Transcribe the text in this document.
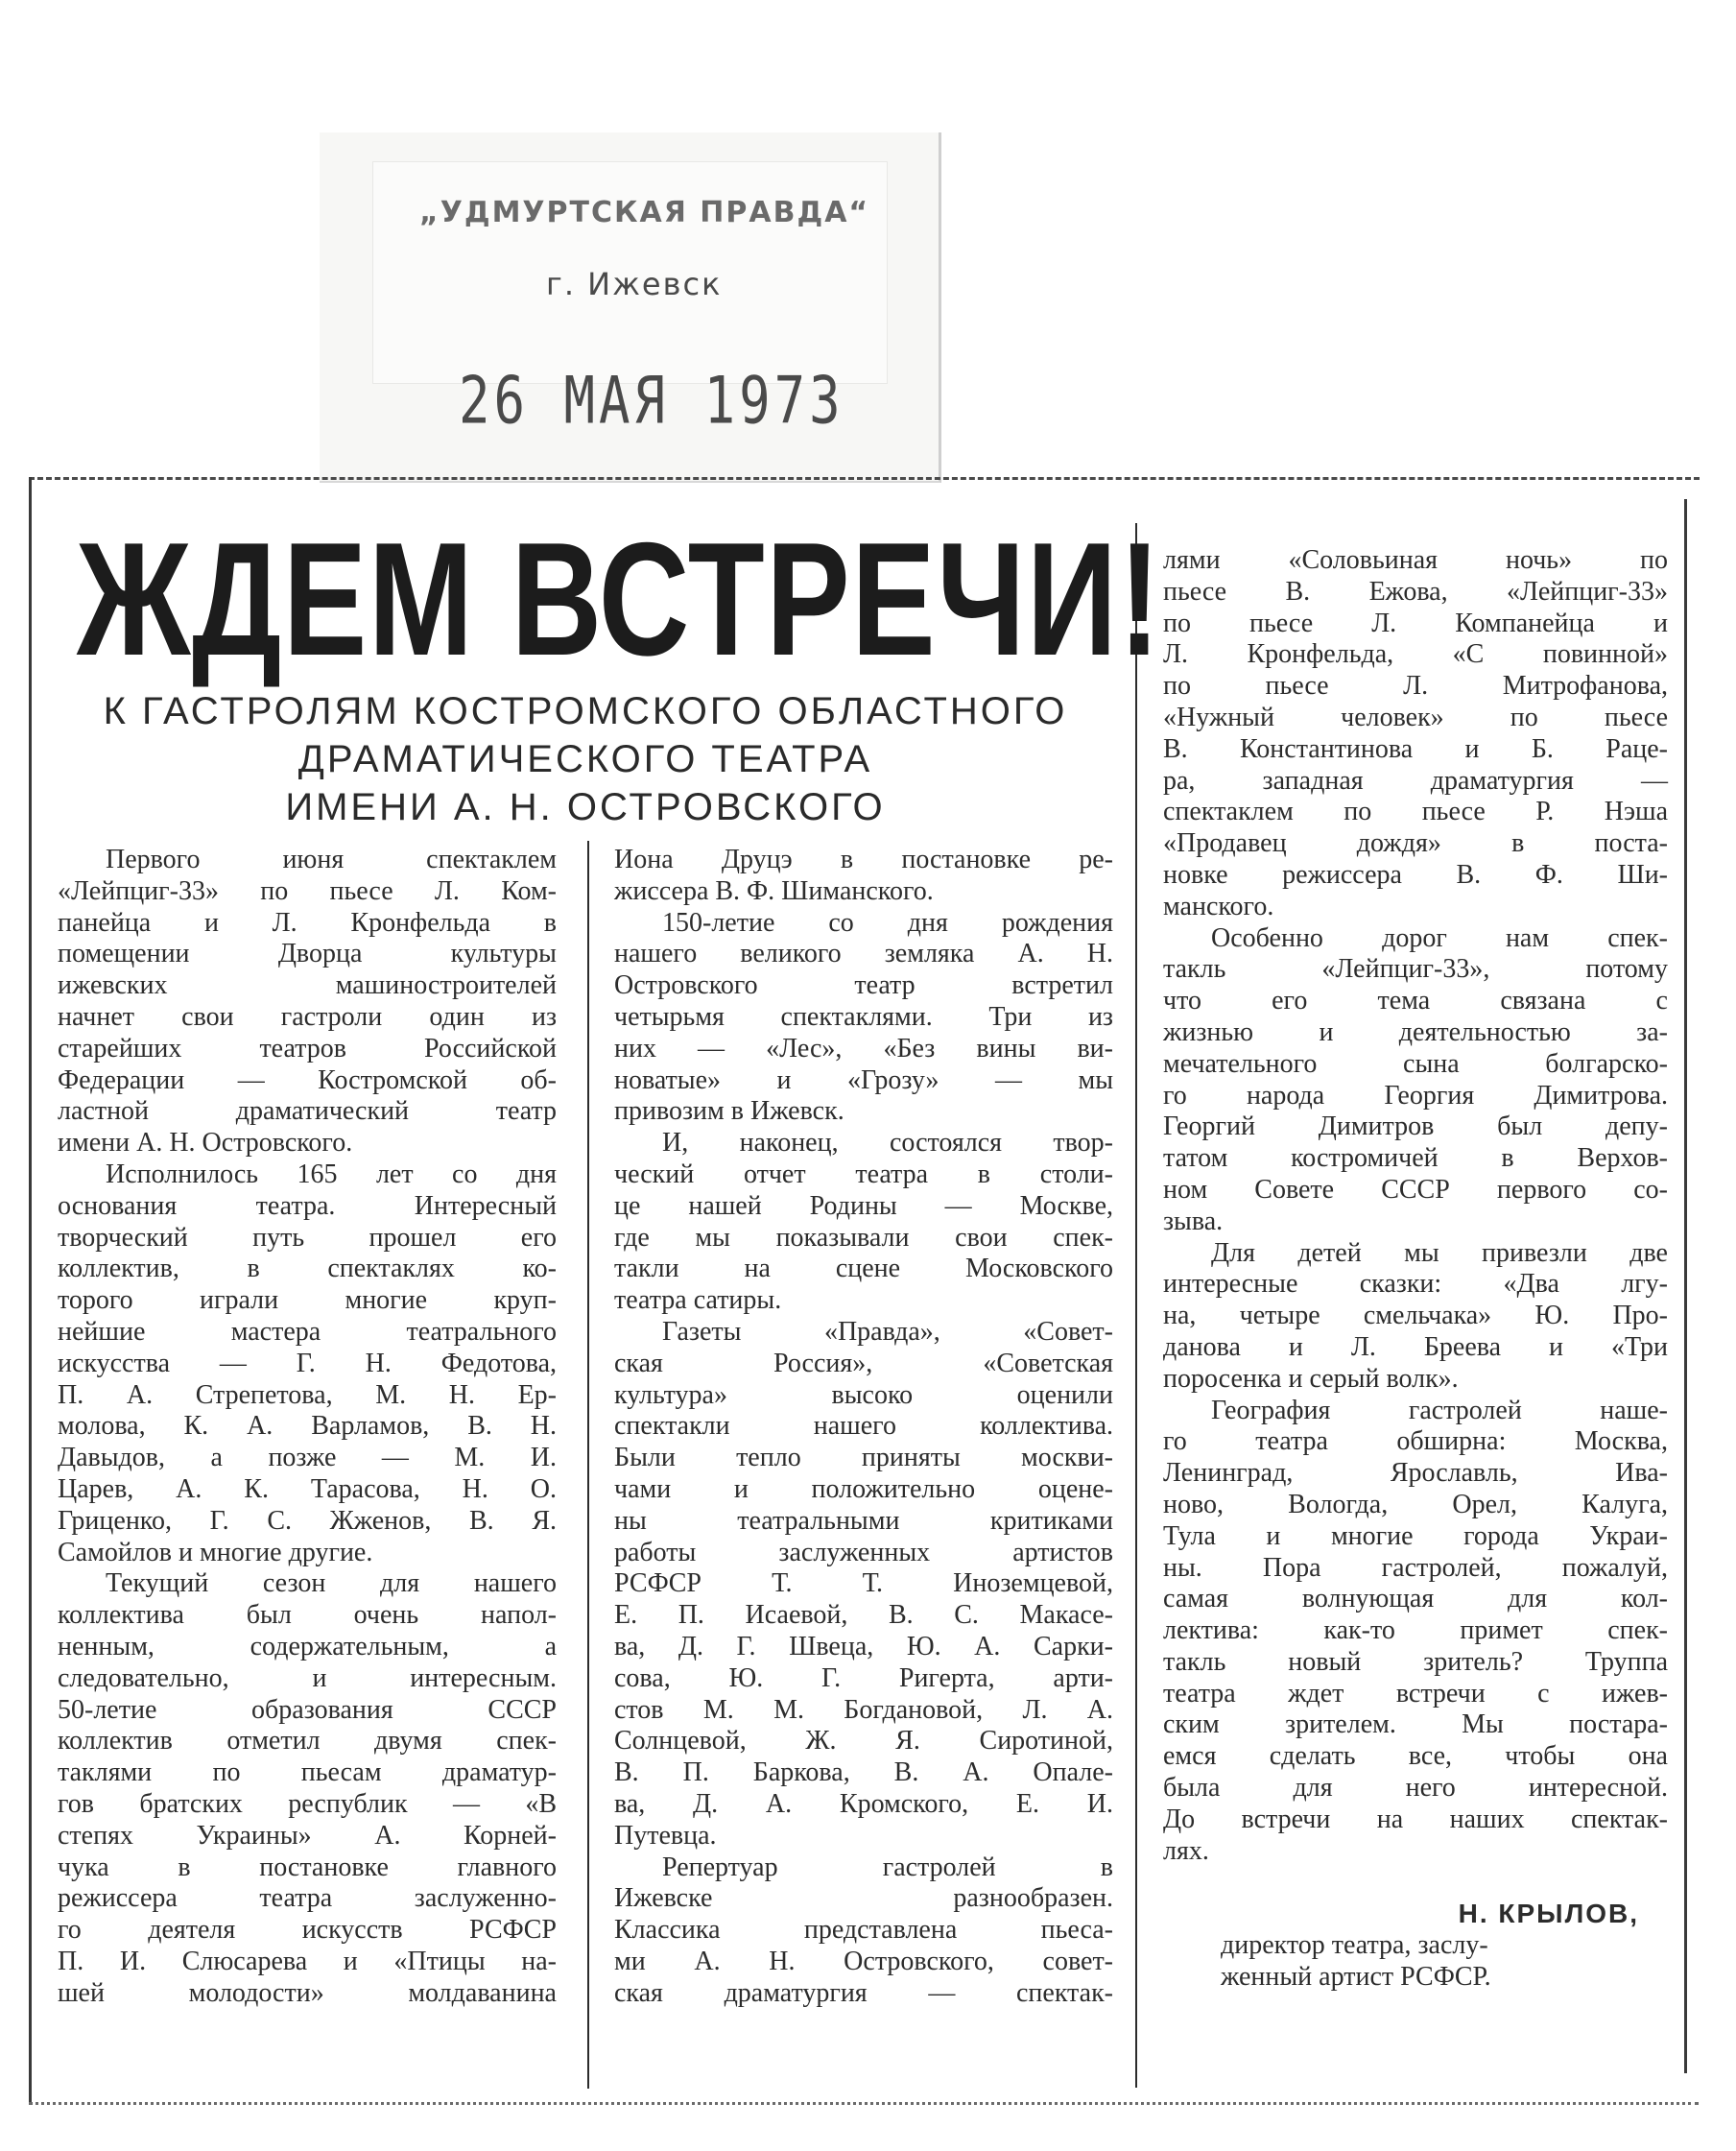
„УДМУРТСКАЯ ПРАВДА“
г. Ижевск
26 МАЯ 1973
ЖДЕМ ВСТРЕЧИ!
К ГАСТРОЛЯМ КОСТРОМСКОГО ОБЛАСТНОГО
ДРАМАТИЧЕСКОГО ТЕАТРА
ИМЕНИ А. Н. ОСТРОВСКОГО
Первого июня спектаклем
«Лейпциг-33» по пьесе Л. Ком-
панейца и Л. Кронфельда в
помещении Дворца культуры
ижевских машиностроителей
начнет свои гастроли один из
старейших театров Российской
Федерации — Костромской об-
ластной драматический театр
имени А. Н. Островского.
Исполнилось 165 лет со дня
основания театра. Интересный
творческий путь прошел его
коллектив, в спектаклях ко-
торого играли многие круп-
нейшие мастера театрального
искусства — Г. Н. Федотова,
П. А. Стрепетова, М. Н. Ер-
молова, К. А. Варламов, В. Н.
Давыдов, а позже — М. И.
Царев, А. К. Тарасова, Н. О.
Гриценко, Г. С. Жженов, В. Я.
Самойлов и многие другие.
Текущий сезон для нашего
коллектива был очень напол-
ненным, содержательным, а
следовательно, и интересным.
50-летие образования СССР
коллектив отметил двумя спек-
таклями по пьесам драматур-
гов братских республик — «В
степях Украины» А. Корней-
чука в постановке главного
режиссера театра заслуженно-
го деятеля искусств РСФСР
П. И. Слюсарева и «Птицы на-
шей молодости» молдаванина
Иона Друцэ в постановке ре-
жиссера В. Ф. Шиманского.
150-летие со дня рождения
нашего великого земляка А. Н.
Островского театр встретил
четырьмя спектаклями. Три из
них — «Лес», «Без вины ви-
новатые» и «Грозу» — мы
привозим в Ижевск.
И, наконец, состоялся твор-
ческий отчет театра в столи-
це нашей Родины — Москве,
где мы показывали свои спек-
такли на сцене Московского
театра сатиры.
Газеты «Правда», «Совет-
ская Россия», «Советская
культура» высоко оценили
спектакли нашего коллектива.
Были тепло приняты москви-
чами и положительно оцене-
ны театральными критиками
работы заслуженных артистов
РСФСР Т. Т. Иноземцевой,
Е. П. Исаевой, В. С. Макасе-
ва, Д. Г. Швеца, Ю. А. Сарки-
сова, Ю. Г. Ригерта, арти-
стов М. М. Богдановой, Л. А.
Солнцевой, Ж. Я. Сиротиной,
В. П. Баркова, В. А. Опале-
ва, Д. А. Кромского, Е. И.
Путевца.
Репертуар гастролей в
Ижевске разнообразен.
Классика представлена пьеса-
ми А. Н. Островского, совет-
ская драматургия — спектак-
лями «Соловьиная ночь» по
пьесе В. Ежова, «Лейпциг-33»
по пьесе Л. Компанейца и
Л. Кронфельда, «С повинной»
по пьесе Л. Митрофанова,
«Нужный человек» по пьесе
В. Константинова и Б. Раце-
ра, западная драматургия —
спектаклем по пьесе Р. Нэша
«Продавец дождя» в поста-
новке режиссера В. Ф. Ши-
манского.
Особенно дорог нам спек-
такль «Лейпциг-33», потому
что его тема связана с
жизнью и деятельностью за-
мечательного сына болгарско-
го народа Георгия Димитрова.
Георгий Димитров был депу-
татом костромичей в Верхов-
ном Совете СССР первого со-
зыва.
Для детей мы привезли две
интересные сказки: «Два лгу-
на, четыре смельчака» Ю. Про-
данова и Л. Бреева и «Три
поросенка и серый волк».
География гастролей наше-
го театра обширна: Москва,
Ленинград, Ярославль, Ива-
ново, Вологда, Орел, Калуга,
Тула и многие города Украи-
ны. Пора гастролей, пожалуй,
самая волнующая для кол-
лектива: как-то примет спек-
такль новый зритель? Труппа
театра ждет встречи с ижев-
ским зрителем. Мы постара-
емся сделать все, чтобы она
была для него интересной.
До встречи на наших спектак-
лях.
Н. КРЫЛОВ,
директор театра, заслу-
женный артист РСФСР.
